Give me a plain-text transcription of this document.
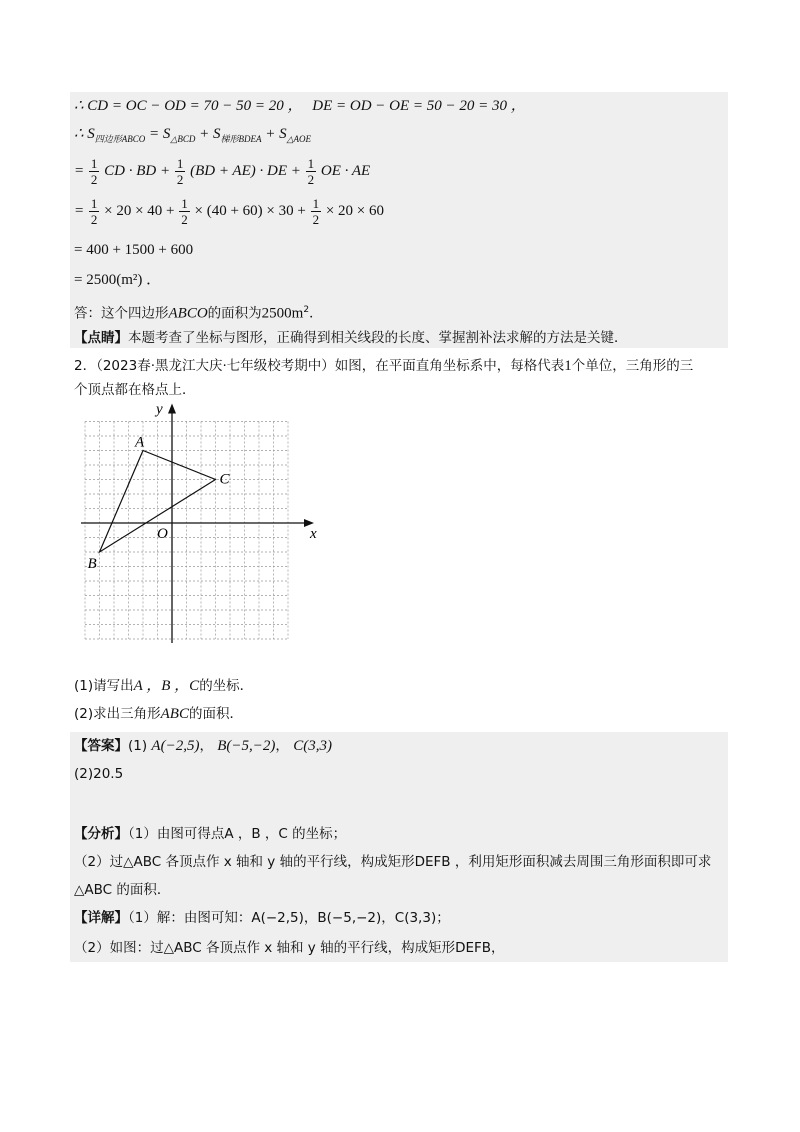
∴ CD = OC − OD = 70 − 50 = 20 ， DE = OD − OE = 50 − 20 = 30 ，
∴ $S_{四边形ABCO} = S_{\triangle BCD} + S_{梯形BDEA} + S_{\triangle AOE}$
= $\frac{1}{2}$ CD · BD + $\frac{1}{2} (BD + AE)$ · DE + $\frac{1}{2}$ OE · AE
= $\frac{1}{2} \times 20 \times 40 + \frac{1}{2} \times (40 + 60) \times 30 + \frac{1}{2} \times 20 \times 60$
= 400 + 1500 + 600
= 2500(m²) ．
答：这个四边形ABCO的面积为$2500m^2$．
【点睛】本题考查了坐标与图形，正确得到相关线段的长度、掌握割补法求解的方法是关键．
2．（2023春·黑龙江大庆·七年级校考期中）如图，在平面直角坐标系中，每格代表1个单位，三角形的三
个顶点都在格点上．
x
y
O
A
B
C
(1)请写出A ，B ，C的坐标．
(2)求出三角形ABC的面积．
【答案】(1) A(−2,5)， B(−5,−2)， C(3,3)
(2)20.5
【分析】（1）由图可得点A ，B ，C 的坐标；
（2）过△ABC 各顶点作 x 轴和 y 轴的平行线，构成矩形DEFB ，利用矩形面积减去周围三角形面积即可求
△ABC 的面积．
【详解】（1）解：由图可知：A(−2,5)，B(−5,−2)，C(3,3)；
（2）如图：过△ABC 各顶点作 x 轴和 y 轴的平行线，构成矩形DEFB，
